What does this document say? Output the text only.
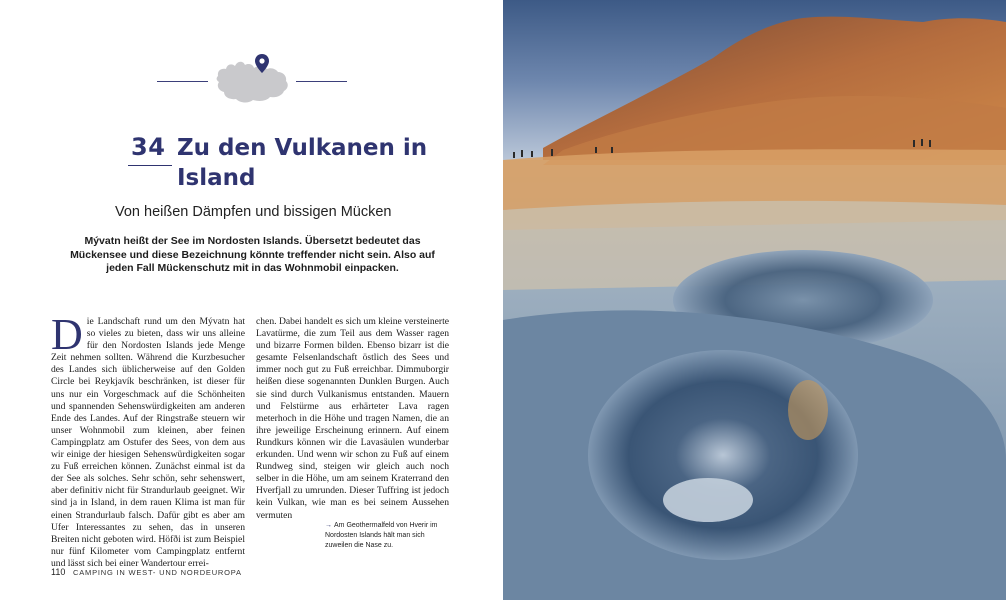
34 Zu den Vulkanen in Island
Von heißen Dämpfen und bissigen Mücken
Mývatn heißt der See im Nordosten Islands. Übersetzt bedeutet das Mückensee und diese Bezeichnung könnte treffender nicht sein. Also auf jeden Fall Mückenschutz mit in das Wohnmobil einpacken.
Die Landschaft rund um den Mývatn hat so vieles zu bieten, dass wir uns alleine für den Nordosten Islands jede Menge Zeit nehmen sollten. Während die Kurzbesucher des Landes sich üblicherweise auf den Golden Circle bei Reykjavík beschränken, ist dieser für uns nur ein Vorgeschmack auf die Schönheiten und spannenden Sehenswürdigkeiten am anderen Ende des Landes. Auf der Ringstraße steuern wir unser Wohnmobil zum kleinen, aber feinen Campingplatz am Ostufer des Sees, von dem aus wir einige der hiesigen Sehenswürdigkeiten sogar zu Fuß erreichen können. Zunächst einmal ist da der See als solches. Sehr schön, sehr sehenswert, aber definitiv nicht für Strandurlaub geeignet. Wir sind ja in Island, in dem rauen Klima ist man für einen Strandurlaub falsch. Dafür gibt es aber am Ufer Interessantes zu sehen, das in unseren Breiten nicht geboten wird. Höfði ist zum Beispiel nur fünf Kilometer vom Campingplatz entfernt und lässt sich bei einer Wandertour errei-
chen. Dabei handelt es sich um kleine versteinerte Lavatürme, die zum Teil aus dem Wasser ragen und bizarre Formen bilden. Ebenso bizarr ist die gesamte Felsenlandschaft östlich des Sees und immer noch gut zu Fuß erreichbar. Dimmuborgir heißen diese sogenannten Dunklen Burgen. Auch sie sind durch Vulkanismus entstanden. Mauern und Felstürme aus erhärteter Lava ragen meterhoch in die Höhe und tragen Namen, die an ihre jeweilige Erscheinung erinnern. Auf einem Rundkurs können wir die Lavasäulen wunderbar erkunden. Und wenn wir schon zu Fuß auf einem Rundweg sind, steigen wir gleich auch noch selber in die Höhe, um am seinem Kraterrand den Hverfjall zu umrunden. Dieser Tuffring ist jedoch kein Vulkan, wie man es bei seinem Aussehen vermuten
→ Am Geothermalfeld von Hverir im Nordosten Islands hält man sich zuweilen die Nase zu.
110 CAMPING IN WEST- UND NORDEUROPA
